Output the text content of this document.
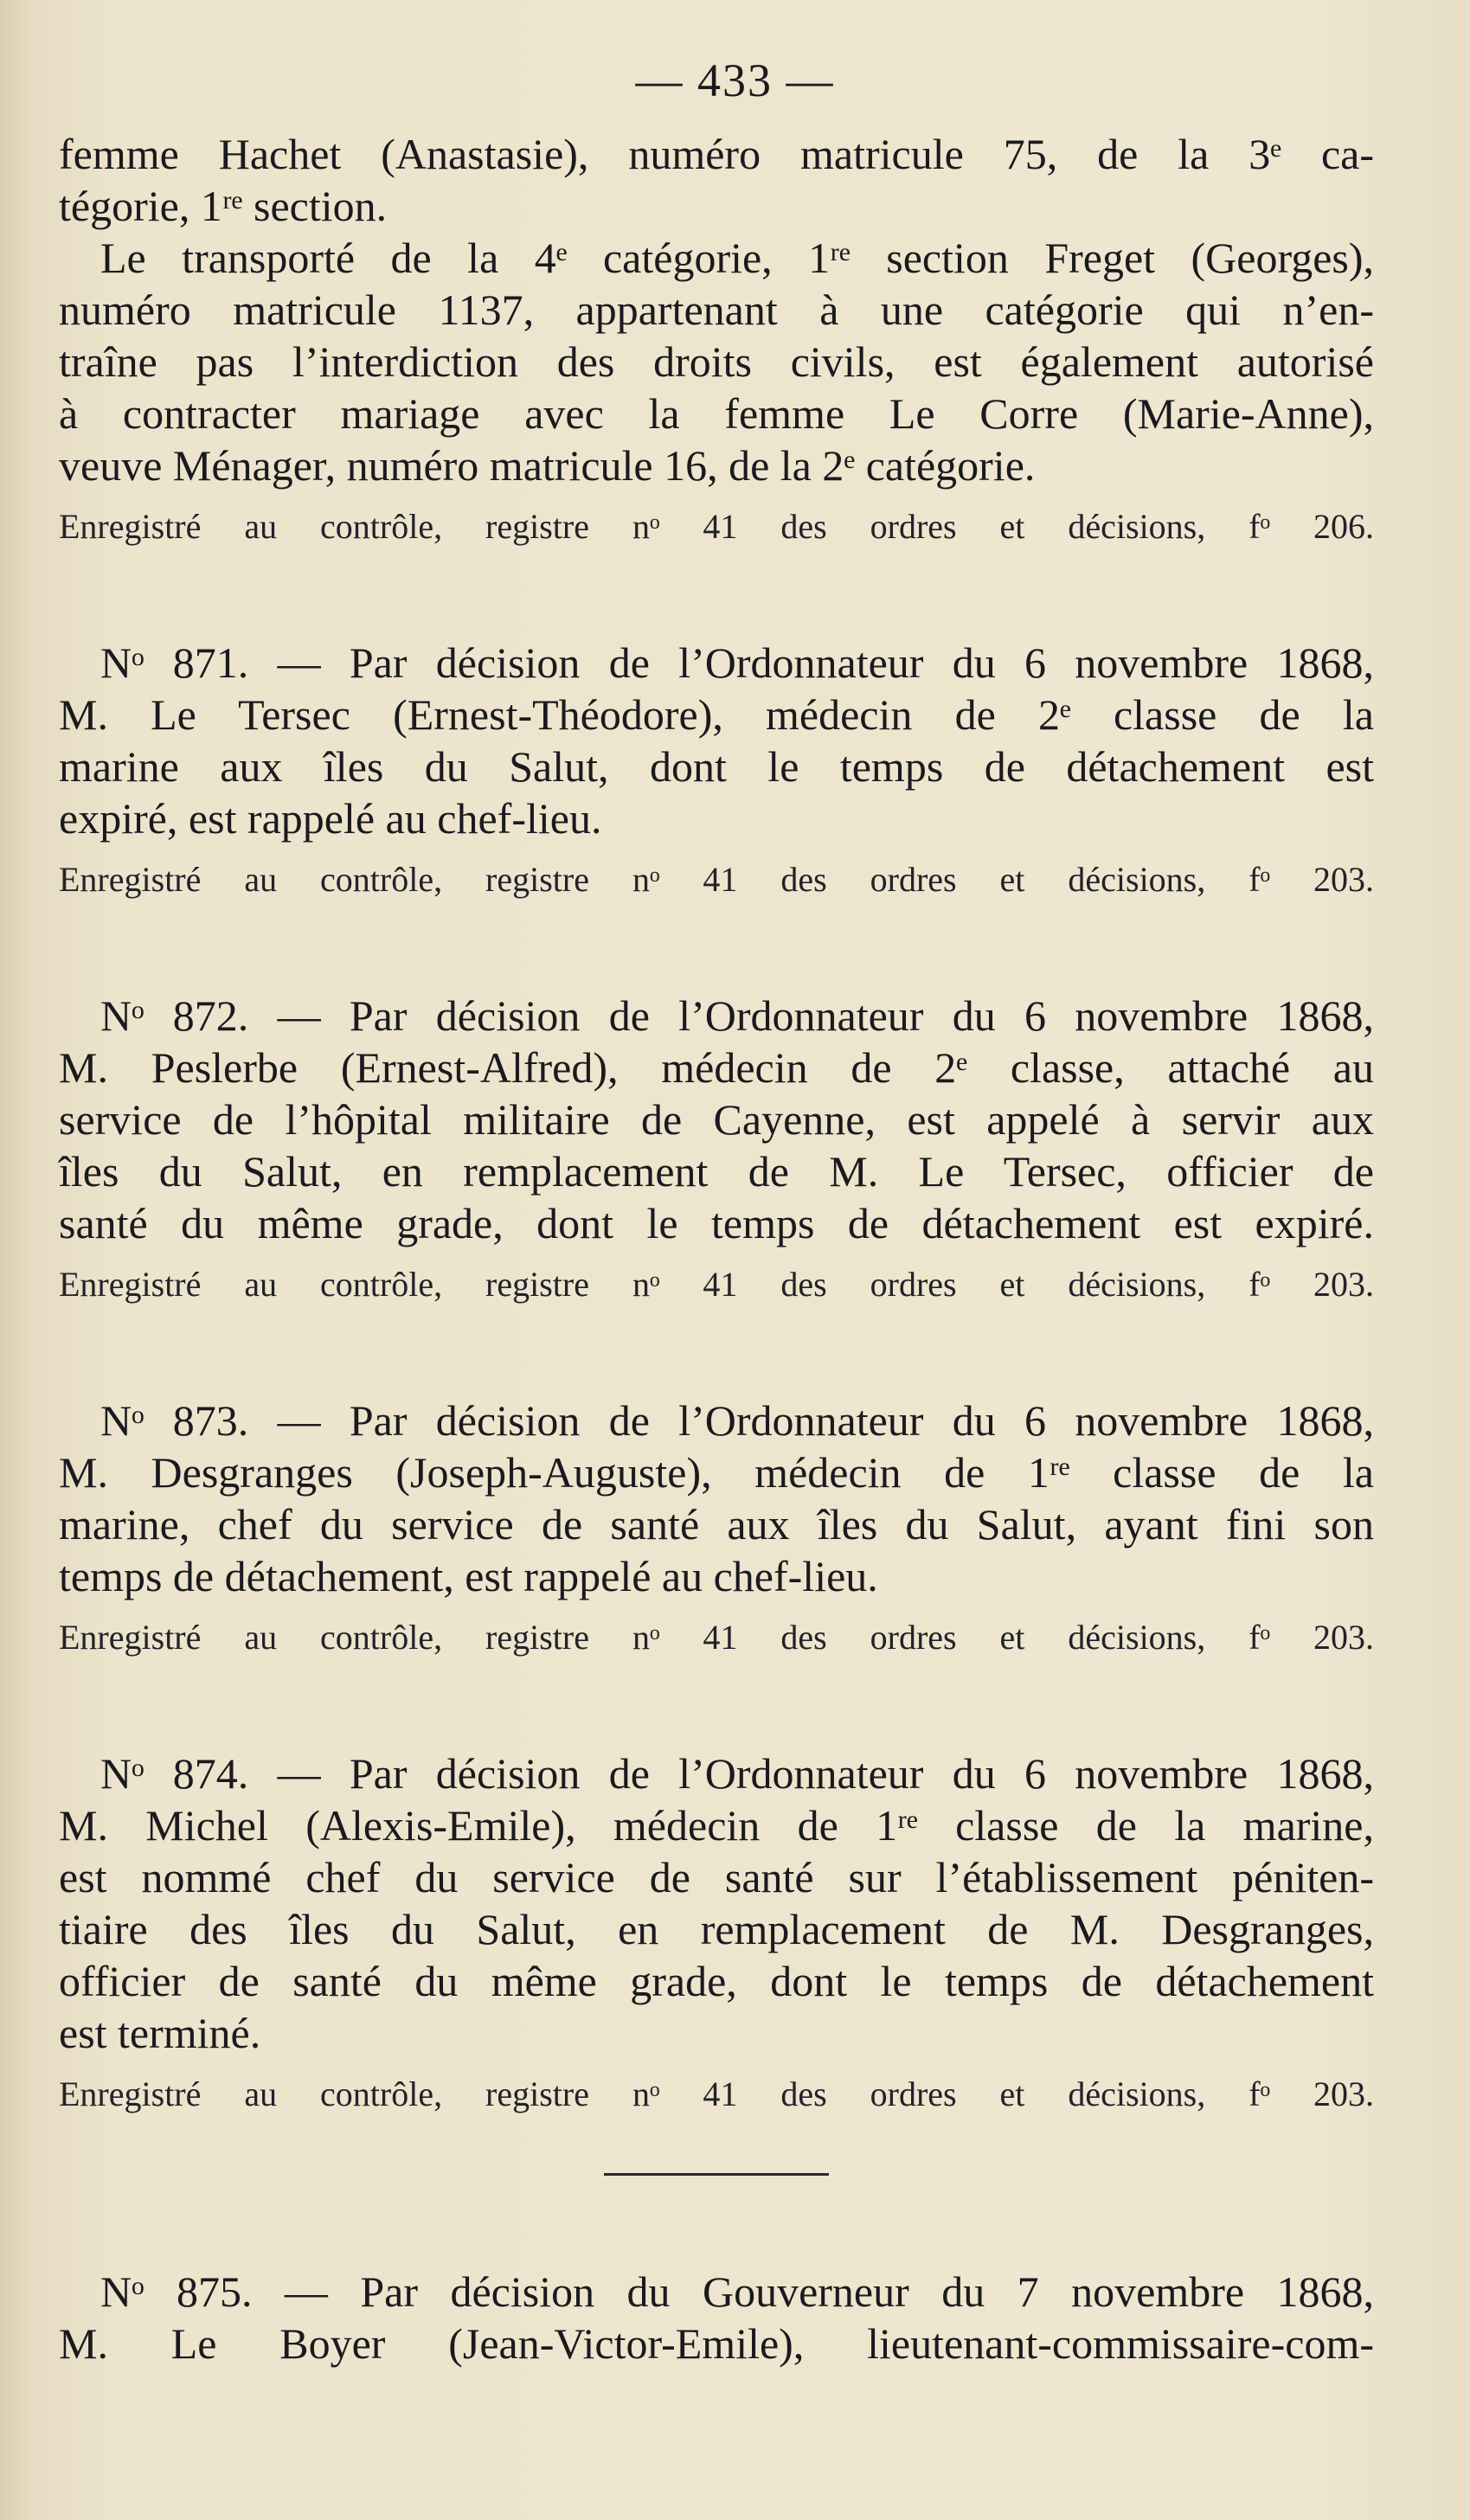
— 433 —
femme Hachet (Anastasie), numéro matricule 75, de la 3ᵉ ca-
tégorie, 1ʳᵉ section.
Le transporté de la 4ᵉ catégorie, 1ʳᵉ section Freget (Georges),
numéro matricule 1137, appartenant à une catégorie qui n’en-
traîne pas l’interdiction des droits civils, est également autorisé
à contracter mariage avec la femme Le Corre (Marie-Anne),
veuve Ménager, numéro matricule 16, de la 2ᵉ catégorie.
Enregistré au contrôle, registre nᵒ 41 des ordres et décisions, fᵒ 206.
Nᵒ 871. — Par décision de l’Ordonnateur du 6 novembre 1868,
M. Le Tersec (Ernest-Théodore), médecin de 2ᵉ classe de la
marine aux îles du Salut, dont le temps de détachement est
expiré, est rappelé au chef-lieu.
Enregistré au contrôle, registre nᵒ 41 des ordres et décisions, fᵒ 203.
Nᵒ 872. — Par décision de l’Ordonnateur du 6 novembre 1868,
M. Peslerbe (Ernest-Alfred), médecin de 2ᵉ classe, attaché au
service de l’hôpital militaire de Cayenne, est appelé à servir aux
îles du Salut, en remplacement de M. Le Tersec, officier de
santé du même grade, dont le temps de détachement est expiré.
Enregistré au contrôle, registre nᵒ 41 des ordres et décisions, fᵒ 203.
Nᵒ 873. — Par décision de l’Ordonnateur du 6 novembre 1868,
M. Desgranges (Joseph-Auguste), médecin de 1ʳᵉ classe de la
marine, chef du service de santé aux îles du Salut, ayant fini son
temps de détachement, est rappelé au chef-lieu.
Enregistré au contrôle, registre nᵒ 41 des ordres et décisions, fᵒ 203.
Nᵒ 874. — Par décision de l’Ordonnateur du 6 novembre 1868,
M. Michel (Alexis-Emile), médecin de 1ʳᵉ classe de la marine,
est nommé chef du service de santé sur l’établissement péniten-
tiaire des îles du Salut, en remplacement de M. Desgranges,
officier de santé du même grade, dont le temps de détachement
est terminé.
Enregistré au contrôle, registre nᵒ 41 des ordres et décisions, fᵒ 203.
Nᵒ 875. — Par décision du Gouverneur du 7 novembre 1868,
M. Le Boyer (Jean-Victor-Emile), lieutenant-commissaire-com-
